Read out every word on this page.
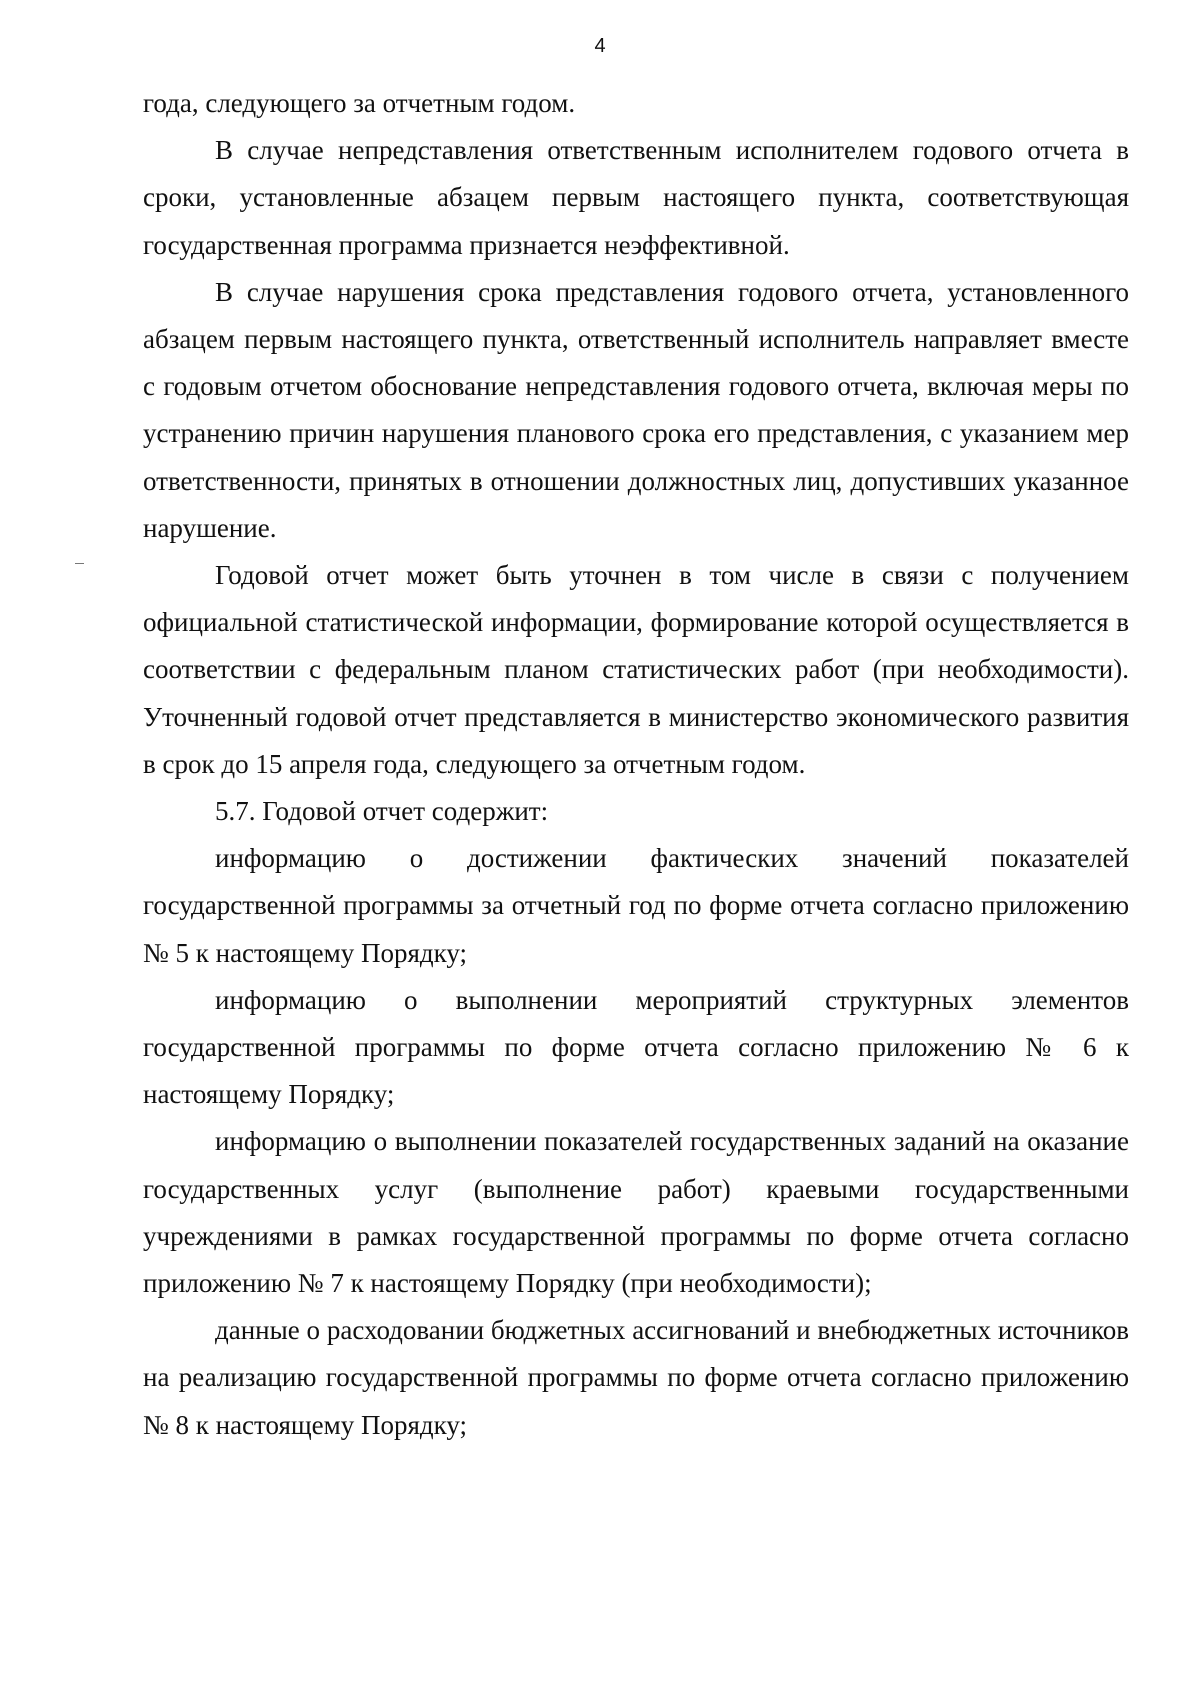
4

года, следующего за отчетным годом.

В случае непредставления ответственным исполнителем годового отчета в сроки, установленные абзацем первым настоящего пункта, соответствующая государственная программа признается неэффективной.

В случае нарушения срока представления годового отчета, установленного абзацем первым настоящего пункта, ответственный исполнитель направляет вместе с годовым отчетом обоснование непредставления годового отчета, включая меры по устранению причин нарушения планового срока его представления, с указанием мер ответственности, принятых в отношении должностных лиц, допустивших указанное нарушение.

Годовой отчет может быть уточнен в том числе в связи с получением официальной статистической информации, формирование которой осуществляется в соответствии с федеральным планом статистических работ (при необходимости). Уточненный годовой отчет представляется в министерство экономического развития в срок до 15 апреля года, следующего за отчетным годом.

5.7. Годовой отчет содержит:

информацию о достижении фактических значений показателей государственной программы за отчетный год по форме отчета согласно приложению № 5 к настоящему Порядку;

информацию о выполнении мероприятий структурных элементов государственной программы по форме отчета согласно приложению № 6 к настоящему Порядку;

информацию о выполнении показателей государственных заданий на оказание государственных услуг (выполнение работ) краевыми государственными учреждениями в рамках государственной программы по форме отчета согласно приложению № 7 к настоящему Порядку (при необходимости);

данные о расходовании бюджетных ассигнований и внебюджетных источников на реализацию государственной программы по форме отчета согласно приложению № 8 к настоящему Порядку;
